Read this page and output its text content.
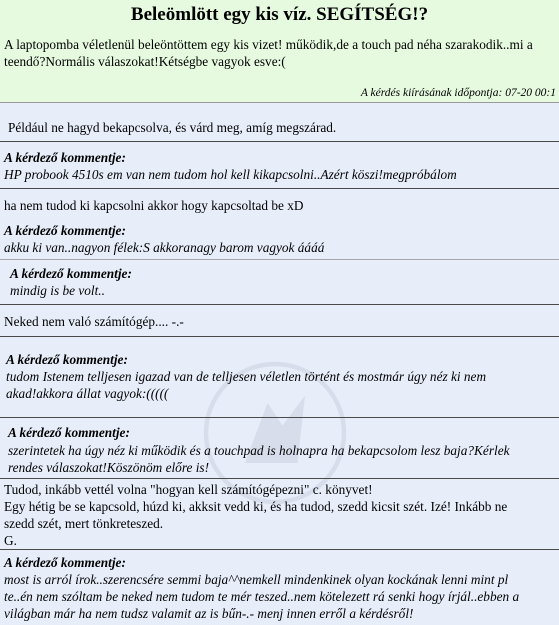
Beleömlött egy kis víz. SEGÍTSÉG!?
A laptopomba véletlenül beleöntöttem egy kis vizet! működik,de a touch pad néha szarakodik..mi a
teendő?Normális válaszokat!Kétségbe vagyok esve:(
A kérdés kiírásának időpontja: 07-20 00:1
Például ne hagyd bekapcsolva, és várd meg, amíg megszárad.
A kérdező kommentje:
HP probook 4510s em van nem tudom hol kell kikapcsolni..Azért köszi!megpróbálom
ha nem tudod ki kapcsolni akkor hogy kapcsoltad be xD
A kérdező kommentje:
akku ki van..nagyon félek:S akkoranagy barom vagyok áááá
A kérdező kommentje:
mindig is be volt..
Neked nem való számítógép.... -.-
A kérdező kommentje:
tudom Istenem telljesen igazad van de telljesen véletlen történt és mostmár úgy néz ki nem
akad!akkora állat vagyok:(((((
A kérdező kommentje:
szerintetek ha úgy néz ki működik és a touchpad is holnapra ha bekapcsolom lesz baja?Kérlek
rendes válaszokat!Köszönöm előre is!
Tudod, inkább vettél volna "hogyan kell számítógépezni" c. könyvet!
Egy hétig be se kapcsold, húzd ki, akksit vedd ki, és ha tudod, szedd kicsit szét. Izé! Inkább ne
szedd szét, mert tönkreteszed.
G.
A kérdező kommentje:
most is arról írok..szerencsére semmi baja^^nemkell mindenkinek olyan kockának lenni mint pl
te..én nem szóltam be neked nem tudom te mér teszed..nem kötelezett rá senki hogy írjál..ebben a
világban már ha nem tudsz valamit az is bűn-.- menj innen erről a kérdésről!
